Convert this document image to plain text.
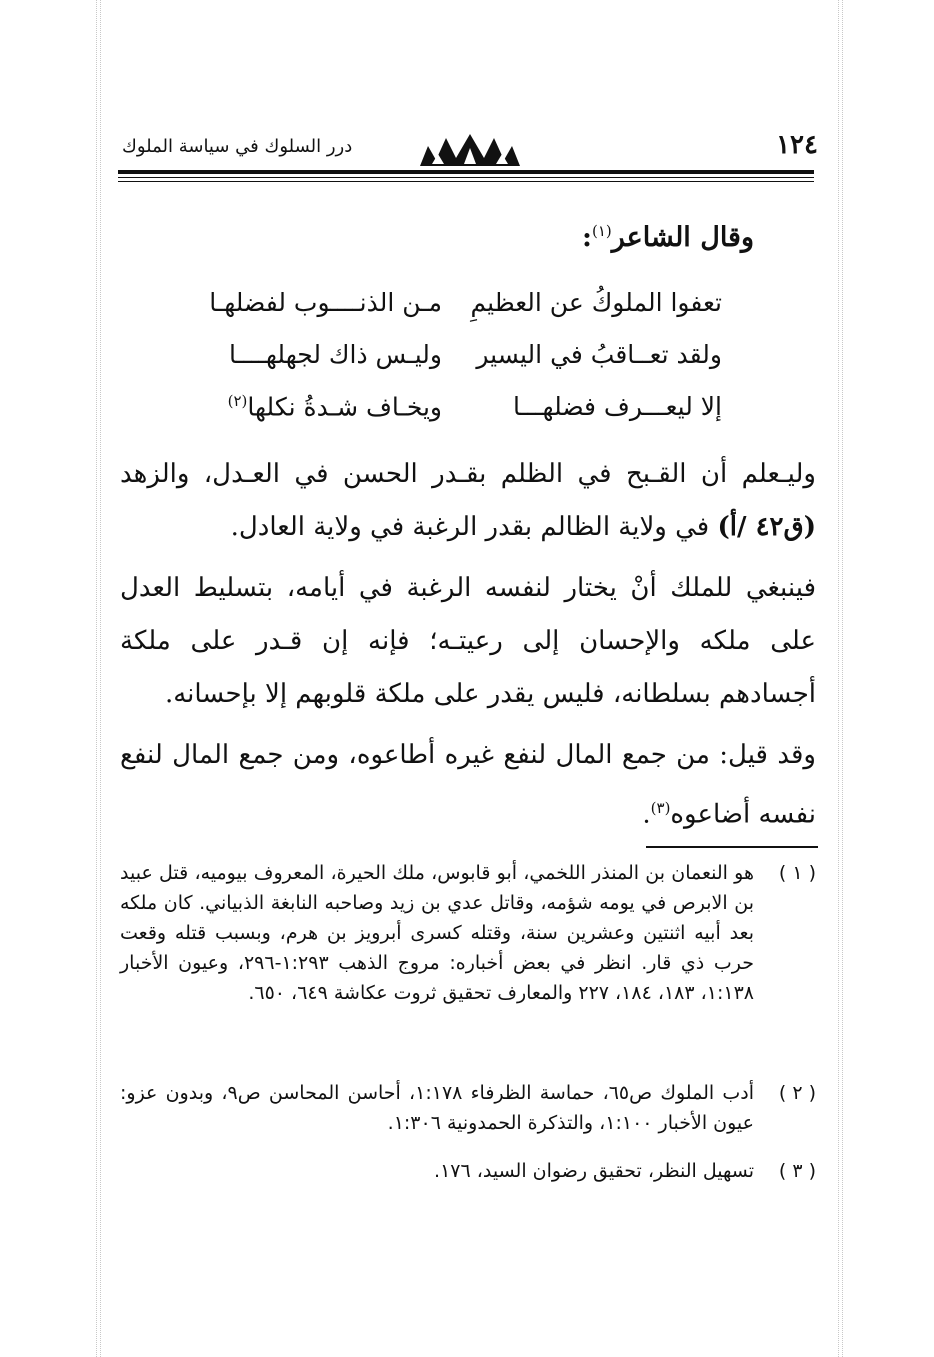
١٢٤
درر السلوك في سياسة الملوك
وقال الشاعر$^{(١)}$:
تعفوا الملوكُ عن العظيمِ
مـن الذنــــوب لفضلهـا
ولقد تعــاقبُ في اليسير
وليـس ذاك لجهلهــــا
إلا ليعـــرف فضلهـــا
ويخـاف شـدةُ نكلها$^{(٢)}$
وليـعلم أن القـبح في الظلم بقـدر الحسن في العـدل، والزهد (ق٤٢ /أ) في ولاية الظالم بقدر الرغبة في ولاية العادل.
فينبغي للملك أنْ يختار لنفسه الرغبة في أيامه، بتسليط العدل على ملكه والإحسان إلى رعيتـه؛ فإنه إن قـدر على ملكة أجسادهم بسلطانه، فليس يقدر على ملكة قلوبهم إلا بإحسانه.
وقد قيل: من جمع المال لنفع غيره أطاعوه، ومن جمع المال لنفع نفسه أضاعوه$^{(٣)}$.
( ١ )
هو النعمان بن المنذر اللخمي، أبو قابوس، ملك الحيرة، المعروف بيوميه، قتل عبيد بن الابرص في يومه شؤمه، وقاتل عدي بن زيد وصاحبه النابغة الذبياني. كان ملكه بعد أبيه اثنتين وعشرين سنة، وقتله كسرى أبرويز بن هرم، وبسبب قتله وقعت حرب ذي قار. انظر في بعض أخباره: مروج الذهب ١:٢٩٣-٢٩٦، وعيون الأخبار ١:١٣٨، ١٨٣، ١٨٤، ٢٢٧ والمعارف تحقيق ثروت عكاشة ٦٤٩، ٦٥٠.
( ٢ )
أدب الملوك ص٦٥، حماسة الظرفاء ١:١٧٨، أحاسن المحاسن ص٩، وبدون عزو: عيون الأخبار ١:١٠٠، والتذكرة الحمدونية ١:٣٠٦.
( ٣ )
تسهيل النظر، تحقيق رضوان السيد، ١٧٦.
